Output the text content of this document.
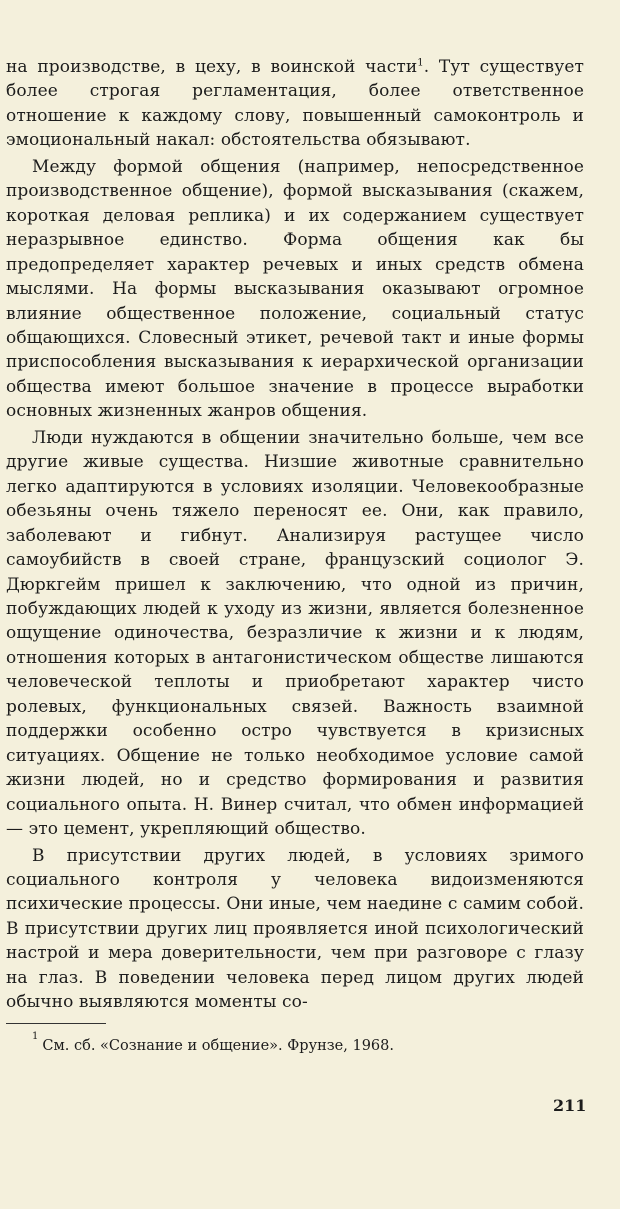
на производстве, в цеху, в воинской части$^1$. Тут существует более строгая регламентация, более ответственное отношение к каждому слову, повышенный самоконтроль и эмоциональный накал: обстоятельства обязывают.

Между формой общения (например, непосредственное производственное общение), формой высказывания (скажем, короткая деловая реплика) и их содержанием существует неразрывное единство. Форма общения как бы предопределяет характер речевых и иных средств обмена мыслями. На формы высказывания оказывают огромное влияние общественное положение, социальный статус общающихся. Словесный этикет, речевой такт и иные формы приспособления высказывания к иерархической организации общества имеют большое значение в процессе выработки основных жизненных жанров общения.

Люди нуждаются в общении значительно больше, чем все другие живые существа. Низшие животные сравнительно легко адаптируются в условиях изоляции. Человекообразные обезьяны очень тяжело переносят ее. Они, как правило, заболевают и гибнут. Анализируя растущее число самоубийств в своей стране, французский социолог Э. Дюркгейм пришел к заключению, что одной из причин, побуждающих людей к уходу из жизни, является болезненное ощущение одиночества, безразличие к жизни и к людям, отношения которых в антагонистическом обществе лишаются человеческой теплоты и приобретают характер чисто ролевых, функциональных связей. Важность взаимной поддержки особенно остро чувствуется в кризисных ситуациях. Общение не только необходимое условие самой жизни людей, но и средство формирования и развития социального опыта. Н. Винер считал, что обмен информацией — это цемент, укрепляющий общество.

В присутствии других людей, в условиях зримого социального контроля у человека видоизменяются психические процессы. Они иные, чем наедине с самим собой. В присутствии других лиц проявляется иной психологический настрой и мера доверительности, чем при разговоре с глазу на глаз. В поведении человека перед лицом других людей обычно выявляются моменты со-

$^1$См. сб. «Сознание и общение». Фрунзе, 1968.
211
